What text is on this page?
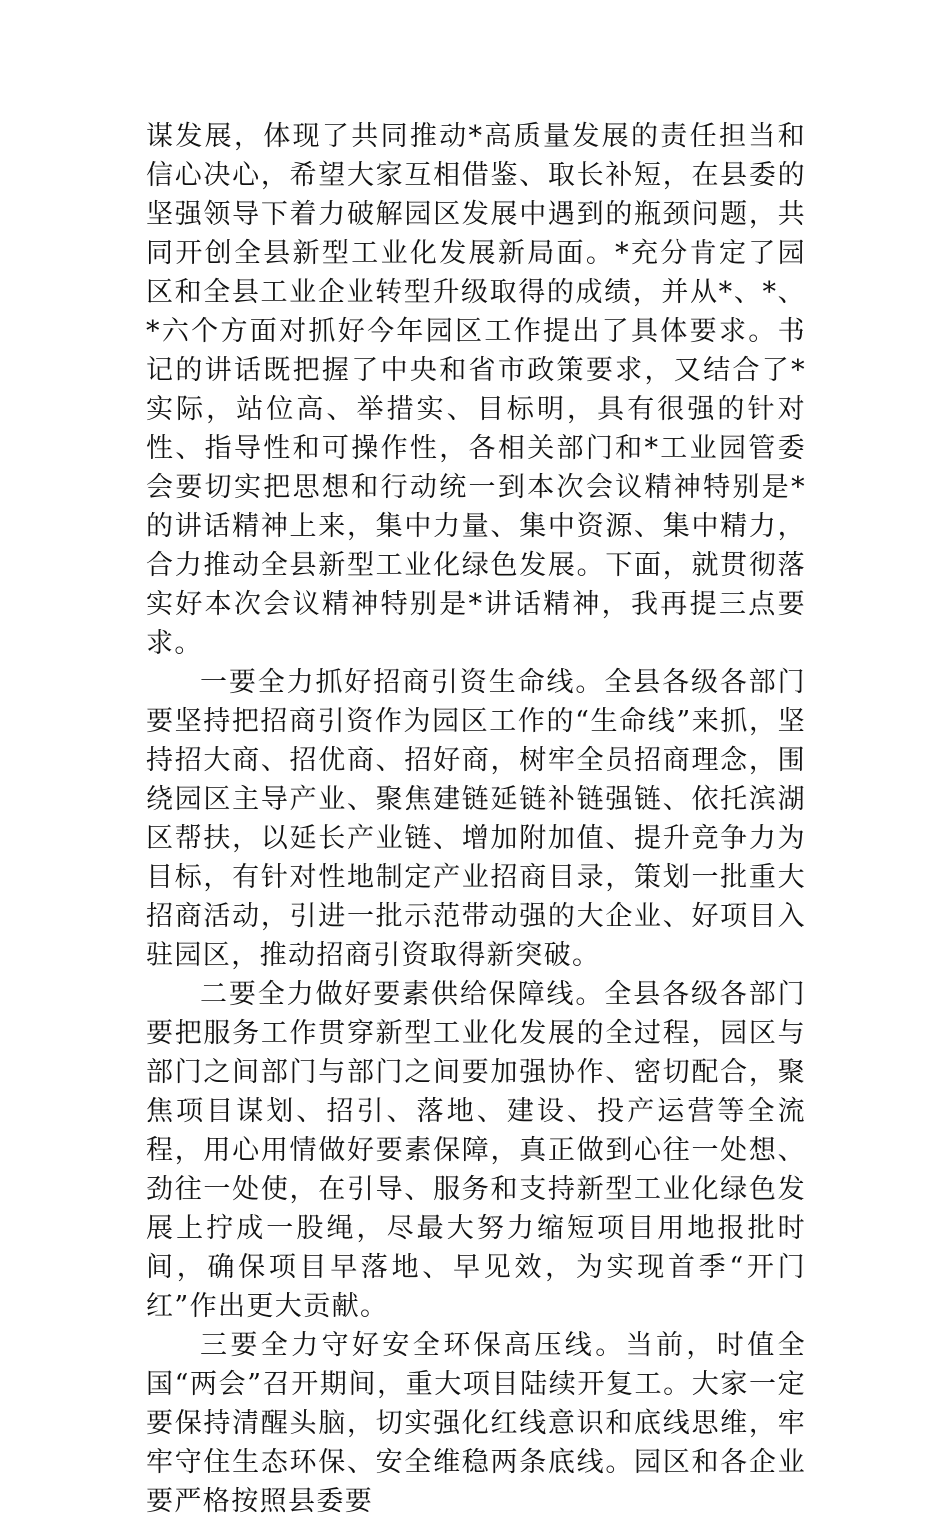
谋发展，体现了共同推动*高质量发展的责任担当和信心决心，希望大家互相借鉴、取长补短，在县委的坚强领导下着力破解园区发展中遇到的瓶颈问题，共同开创全县新型工业化发展新局面。*充分肯定了园区和全县工业企业转型升级取得的成绩，并从*、*、*六个方面对抓好今年园区工作提出了具体要求。书记的讲话既把握了中央和省市政策要求，又结合了*实际，站位高、举措实、目标明，具有很强的针对性、指导性和可操作性，各相关部门和*工业园管委会要切实把思想和行动统一到本次会议精神特别是*的讲话精神上来，集中力量、集中资源、集中精力，合力推动全县新型工业化绿色发展。下面，就贯彻落实好本次会议精神特别是*讲话精神，我再提三点要求。

一要全力抓好招商引资生命线。全县各级各部门要坚持把招商引资作为园区工作的“生命线”来抓，坚持招大商、招优商、招好商，树牢全员招商理念，围绕园区主导产业、聚焦建链延链补链强链、依托滨湖区帮扶，以延长产业链、增加附加值、提升竞争力为目标，有针对性地制定产业招商目录，策划一批重大招商活动，引进一批示范带动强的大企业、好项目入驻园区，推动招商引资取得新突破。

二要全力做好要素供给保障线。全县各级各部门要把服务工作贯穿新型工业化发展的全过程，园区与部门之间部门与部门之间要加强协作、密切配合，聚焦项目谋划、招引、落地、建设、投产运营等全流程，用心用情做好要素保障，真正做到心往一处想、劲往一处使，在引导、服务和支持新型工业化绿色发展上拧成一股绳，尽最大努力缩短项目用地报批时间，确保项目早落地、早见效，为实现首季“开门红”作出更大贡献。

三要全力守好安全环保高压线。当前，时值全国“两会”召开期间，重大项目陆续开复工。大家一定要保持清醒头脑，切实强化红线意识和底线思维，牢牢守住生态环保、安全维稳两条底线。园区和各企业要严格按照县委要
